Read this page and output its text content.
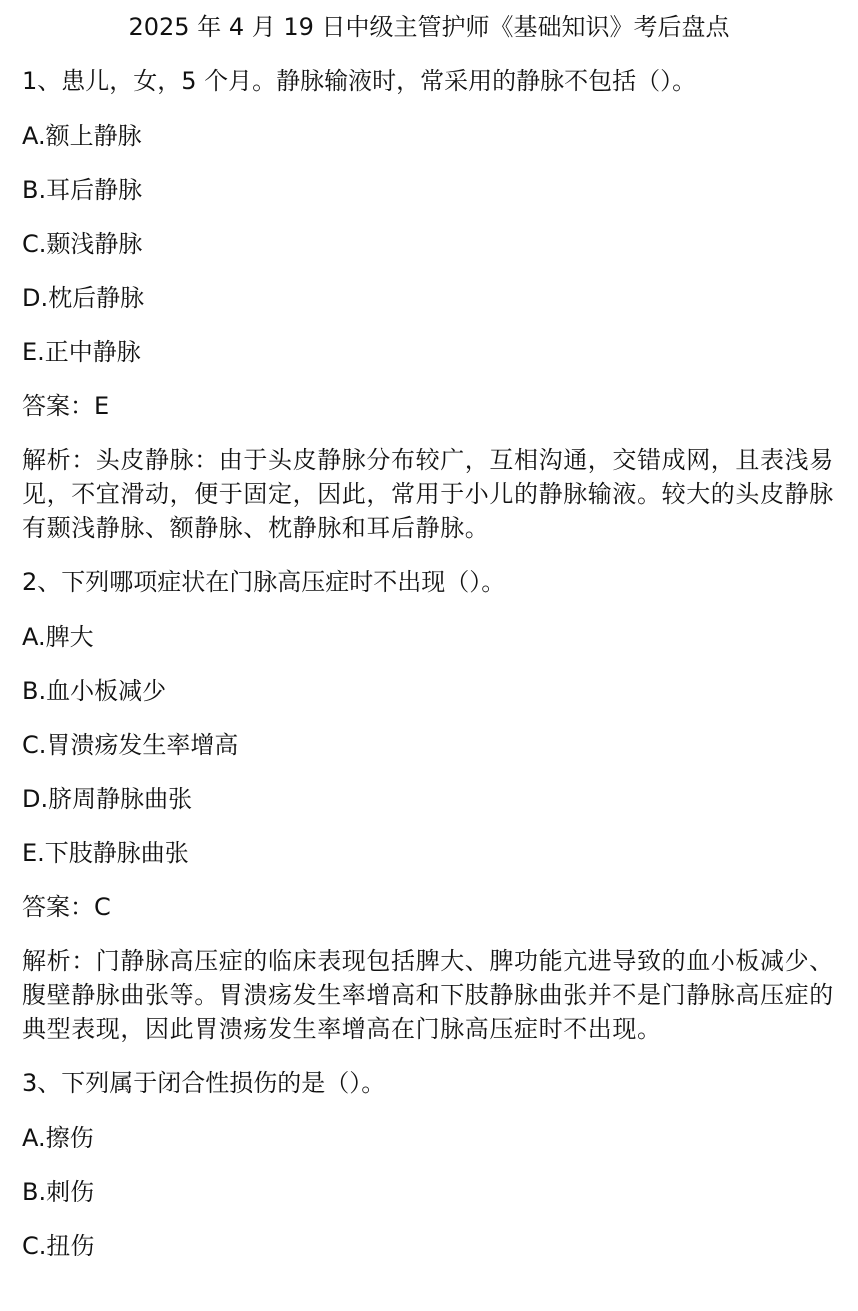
2025 年 4 月 19 日中级主管护师《基础知识》考后盘点

1、患儿，女，5 个月。静脉输液时，常采用的静脉不包括（）。

A.额上静脉

B.耳后静脉

C.颞浅静脉

D.枕后静脉

E.正中静脉

答案：E

解析：头皮静脉：由于头皮静脉分布较广，互相沟通，交错成网，且表浅易见，不宜滑动，便于固定，因此，常用于小儿的静脉输液。较大的头皮静脉有颞浅静脉、额静脉、枕静脉和耳后静脉。

2、下列哪项症状在门脉高压症时不出现（）。

A.脾大

B.血小板减少

C.胃溃疡发生率增高

D.脐周静脉曲张

E.下肢静脉曲张

答案：C

解析：门静脉高压症的临床表现包括脾大、脾功能亢进导致的血小板减少、腹壁静脉曲张等。胃溃疡发生率增高和下肢静脉曲张并不是门静脉高压症的典型表现，因此胃溃疡发生率增高在门脉高压症时不出现。

3、下列属于闭合性损伤的是（）。

A.擦伤

B.刺伤

C.扭伤
